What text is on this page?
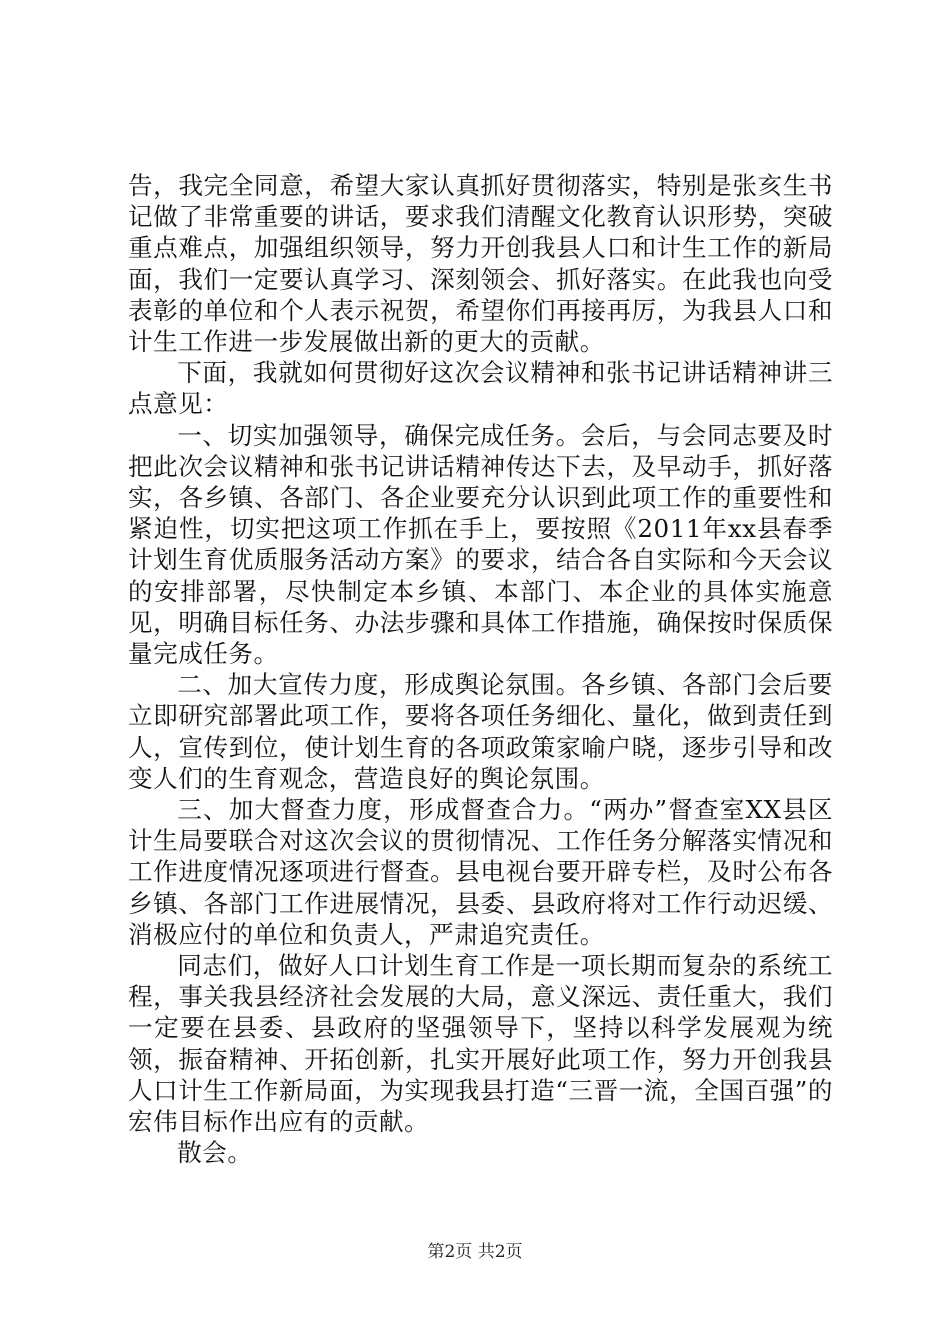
告，我完全同意，希望大家认真抓好贯彻落实，特别是张亥生书记做了非常重要的讲话，要求我们清醒文化教育认识形势，突破重点难点，加强组织领导，努力开创我县人口和计生工作的新局面，我们一定要认真学习、深刻领会、抓好落实。在此我也向受表彰的单位和个人表示祝贺，希望你们再接再厉，为我县人口和计生工作进一步发展做出新的更大的贡献。

下面，我就如何贯彻好这次会议精神和张书记讲话精神讲三点意见：

一、切实加强领导，确保完成任务。会后，与会同志要及时把此次会议精神和张书记讲话精神传达下去，及早动手，抓好落实，各乡镇、各部门、各企业要充分认识到此项工作的重要性和紧迫性，切实把这项工作抓在手上，要按照《2011年xx县春季计划生育优质服务活动方案》的要求，结合各自实际和今天会议的安排部署，尽快制定本乡镇、本部门、本企业的具体实施意见，明确目标任务、办法步骤和具体工作措施，确保按时保质保量完成任务。

二、加大宣传力度，形成舆论氛围。各乡镇、各部门会后要立即研究部署此项工作，要将各项任务细化、量化，做到责任到人，宣传到位，使计划生育的各项政策家喻户晓，逐步引导和改变人们的生育观念，营造良好的舆论氛围。

三、加大督查力度，形成督查合力。“两办”督查室XX县区计生局要联合对这次会议的贯彻情况、工作任务分解落实情况和工作进度情况逐项进行督查。县电视台要开辟专栏，及时公布各乡镇、各部门工作进展情况，县委、县政府将对工作行动迟缓、消极应付的单位和负责人，严肃追究责任。

同志们，做好人口计划生育工作是一项长期而复杂的系统工程，事关我县经济社会发展的大局，意义深远、责任重大，我们一定要在县委、县政府的坚强领导下，坚持以科学发展观为统领，振奋精神、开拓创新，扎实开展好此项工作，努力开创我县人口计生工作新局面，为实现我县打造“三晋一流，全国百强”的宏伟目标作出应有的贡献。

散会。

第2页 共2页
